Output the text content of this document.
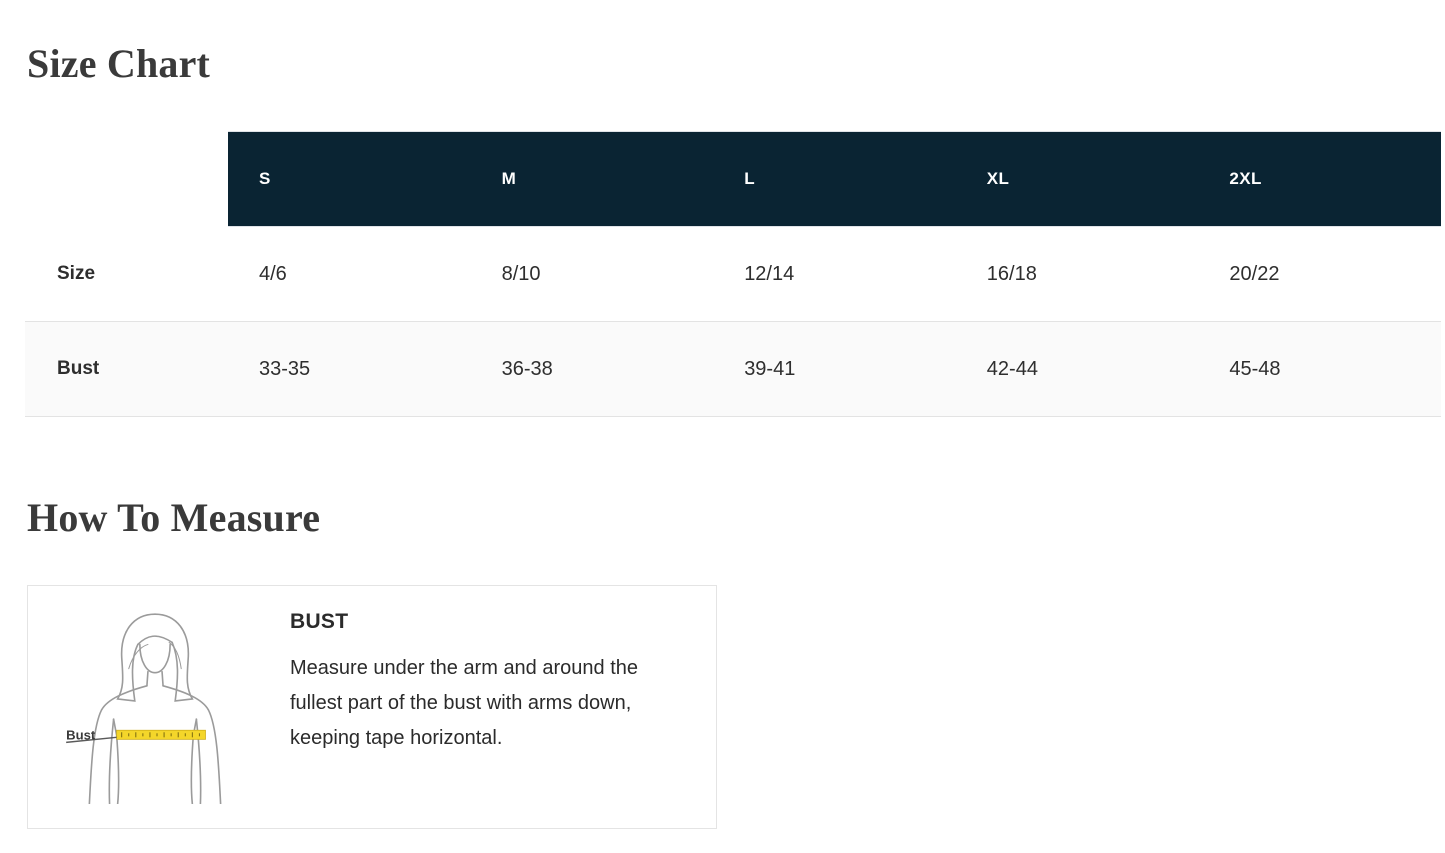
Size Chart
S	M	L	XL	2XL
Size	4/6	8/10	12/14	16/18	20/22
Bust	33-35	36-38	39-41	42-44	45-48
How To Measure
Bust
BUST
Measure under the arm and around the fullest part of the bust with arms down, keeping tape horizontal.
